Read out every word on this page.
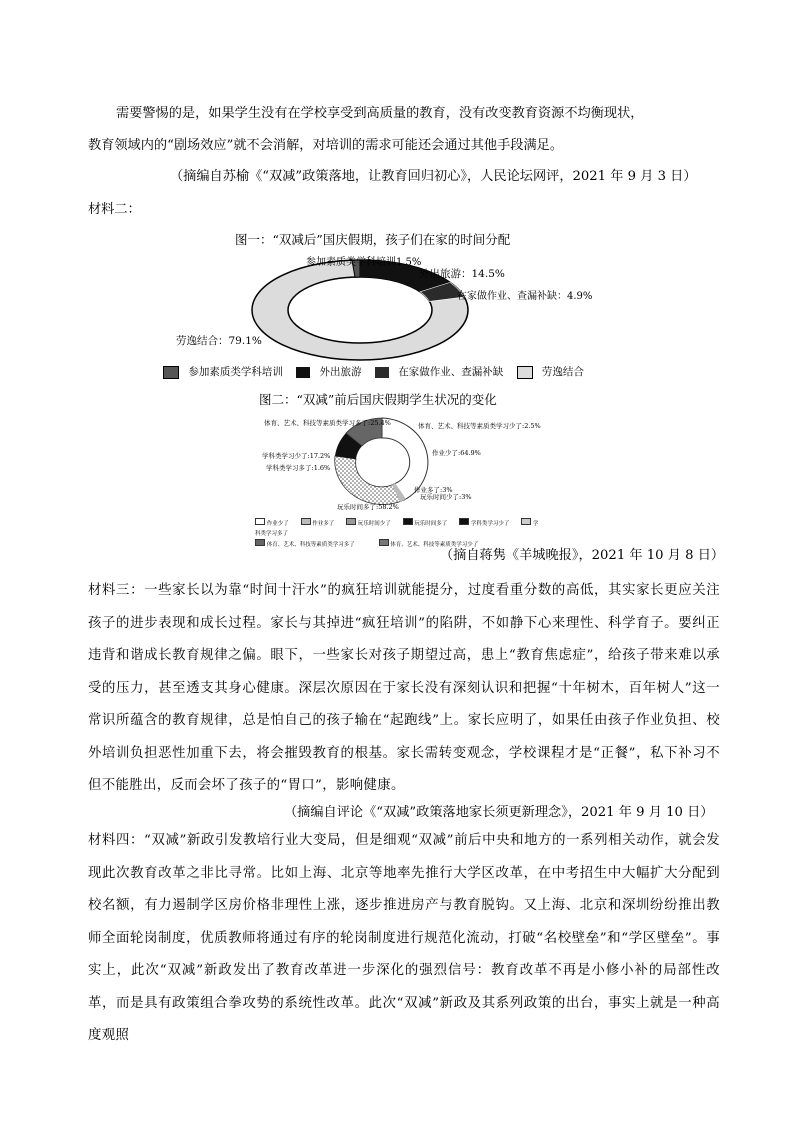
需要警惕的是，如果学生没有在学校享受到高质量的教育，没有改变教育资源不均衡现状，
教育领域内的“剧场效应”就不会消解，对培训的需求可能还会通过其他手段满足。
（摘编自苏榆《“双减”政策落地，让教育回归初心》，人民论坛网评，2021 年 9 月 3 日）
材料二：
图一：“双减后”国庆假期，孩子们在家的时间分配
参加素质类学科培训1.5%
外出旅游：14.5%
在家做作业、查漏补缺：4.9%
劳逸结合：79.1%
参加素质类学科培训	外出旅游	在家做作业、查漏补缺	劳逸结合
图二：“双减”前后国庆假期学生状况的变化
体育、艺术、科技等素质类学习多了:25.4%	体育、艺术、科技等素质类学习少了:2.5%
作业少了:64.9%
学科类学习少了:17.2%
学科类学习多了:1.6%
作业多了:3%
玩乐时间少了:3%
玩乐时间多了:58.2%
作业少了	作业多了	玩乐时间少了	玩乐时间多了	学科类学习少了	学科类学习多了
体育、艺术、科技等素质类学习多了	体育、艺术、科技等素质类学习少了
（摘自蒋隽《羊城晚报》，2021 年 10 月 8 日）
材料三：一些家长以为靠“时间十汗水”的疯狂培训就能提分，过度看重分数的高低，其实家长更应关注孩子的进步表现和成长过程。家长与其掉进“疯狂培训”的陷阱，不如静下心来理性、科学育子。要纠正违背和谐成长教育规律之偏。眼下，一些家长对孩子期望过高，患上“教育焦虑症”，给孩子带来难以承受的压力，甚至透支其身心健康。深层次原因在于家长没有深刻认识和把握“十年树木，百年树人”这一常识所蕴含的教育规律，总是怕自己的孩子输在“起跑线”上。家长应明了，如果任由孩子作业负担、校外培训负担恶性加重下去，将会摧毁教育的根基。家长需转变观念，学校课程才是“正餐”，私下补习不但不能胜出，反而会坏了孩子的“胃口”，影响健康。
（摘编自评论《“双减”政策落地家长须更新理念》，2021 年 9 月 10 日）
材料四：“双减”新政引发教培行业大变局，但是细观“双减”前后中央和地方的一系列相关动作，就会发现此次教育改革之非比寻常。比如上海、北京等地率先推行大学区改革，在中考招生中大幅扩大分配到校名额，有力遏制学区房价格非理性上涨，逐步推进房产与教育脱钩。又上海、北京和深圳纷纷推出教师全面轮岗制度，优质教师将通过有序的轮岗制度进行规范化流动，打破“名校壁垒”和“学区壁垒”。事实上，此次“双减”新政发出了教育改革进一步深化的强烈信号：教育改革不再是小修小补的局部性改革，而是具有政策组合拳攻势的系统性改革。此次“双减”新政及其系列政策的出台，事实上就是一种高度观照
